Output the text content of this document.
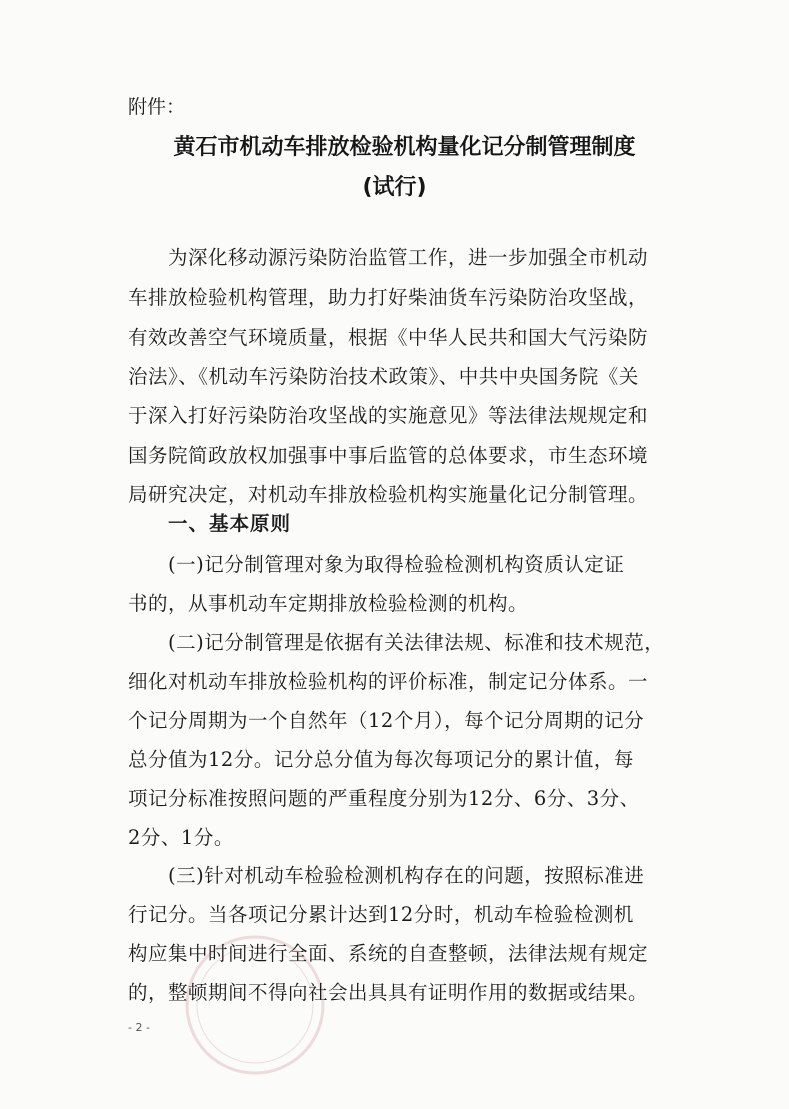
附件：
黄石市机动车排放检验机构量化记分制管理制度
(试行)
为深化移动源污染防治监管工作，进一步加强全市机动
车排放检验机构管理，助力打好柴油货车污染防治攻坚战，
有效改善空气环境质量，根据《中华人民共和国大气污染防
治法》、《机动车污染防治技术政策》、中共中央国务院《关
于深入打好污染防治攻坚战的实施意见》等法律法规规定和
国务院简政放权加强事中事后监管的总体要求，市生态环境
局研究决定，对机动车排放检验机构实施量化记分制管理。
一、基本原则
(一)记分制管理对象为取得检验检测机构资质认定证
书的，从事机动车定期排放检验检测的机构。
(二)记分制管理是依据有关法律法规、标准和技术规范，
细化对机动车排放检验机构的评价标准，制定记分体系。一
个记分周期为一个自然年（12个月），每个记分周期的记分
总分值为12分。记分总分值为每次每项记分的累计值，每
项记分标准按照问题的严重程度分别为12分、6分、3分、
2分、1分。
(三)针对机动车检验检测机构存在的问题，按照标准进
行记分。当各项记分累计达到12分时，机动车检验检测机
构应集中时间进行全面、系统的自查整顿，法律法规有规定
的，整顿期间不得向社会出具具有证明作用的数据或结果。
- 2 -
